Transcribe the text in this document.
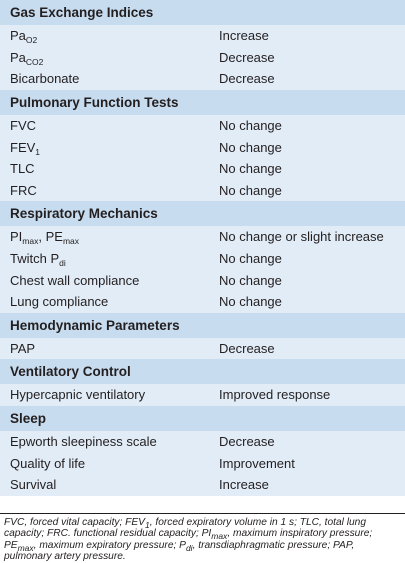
Gas Exchange Indices
$Pa_{O2}$	Increase
$Pa_{CO2}$	Decrease
Bicarbonate	Decrease
Pulmonary Function Tests
FVC	No change
$FEV_1$	No change
TLC	No change
FRC	No change
Respiratory Mechanics
$PI_{max}$, $PE_{max}$	No change or slight increase
Twitch $P_{di}$	No change
Chest wall compliance	No change
Lung compliance	No change
Hemodynamic Parameters
PAP	Decrease
Ventilatory Control
Hypercapnic ventilatory	Improved response
Sleep
Epworth sleepiness scale	Decrease
Quality of life	Improvement
Survival	Increase
FVC, forced vital capacity; $FEV_1$, forced expiratory volume in 1 s; TLC, total lung capacity; FRC. functional residual capacity; $PI_{max}$, maximum inspiratory pressure; $PE_{max}$, maximum expiratory pressure; $P_{di}$, transdiaphragmatic pressure; PAP, pulmonary artery pressure.
